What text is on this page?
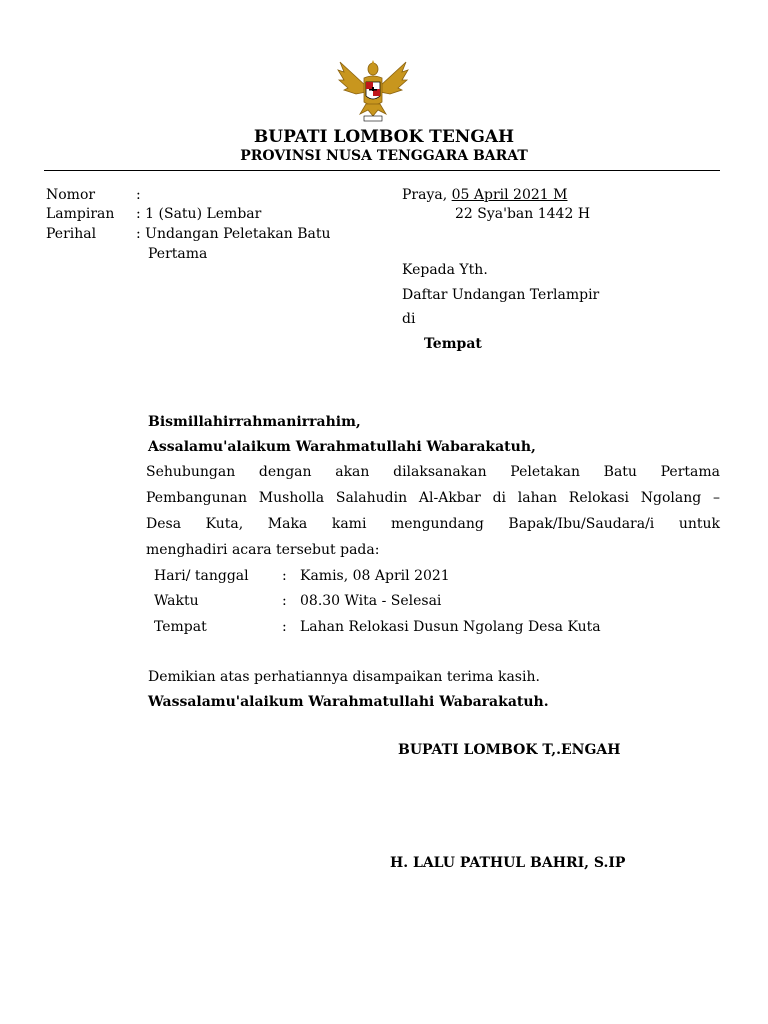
BUPATI LOMBOK TENGAH
PROVINSI NUSA TENGGARA BARAT
Nomor	:
Lampiran : 1 (Satu) Lembar
Perihal	: Undangan Peletakan Batu
Pertama
Praya, 05 April 2021 M
22 Sya'ban 1442 H
Kepada Yth.
Daftar Undangan Terlampir
di
Tempat
Bismillahirrahmanirrahim,
Assalamu'alaikum Warahmatullahi Wabarakatuh,
Sehubungan dengan akan dilaksanakan Peletakan Batu Pertama
Pembangunan Musholla Salahudin Al-Akbar di lahan Relokasi Ngolang –
Desa Kuta, Maka kami mengundang Bapak/Ibu/Saudara/i untuk
menghadiri acara tersebut pada:
Hari/ tanggal : Kamis, 08 April 2021
Waktu	: 08.30 Wita - Selesai
Tempat	: Lahan Relokasi Dusun Ngolang Desa Kuta
Demikian atas perhatiannya disampaikan terima kasih.
Wassalamu'alaikum Warahmatullahi Wabarakatuh.
BUPATI LOMBOK T,.ENGAH
H. LALU PATHUL BAHRI, S.IP
